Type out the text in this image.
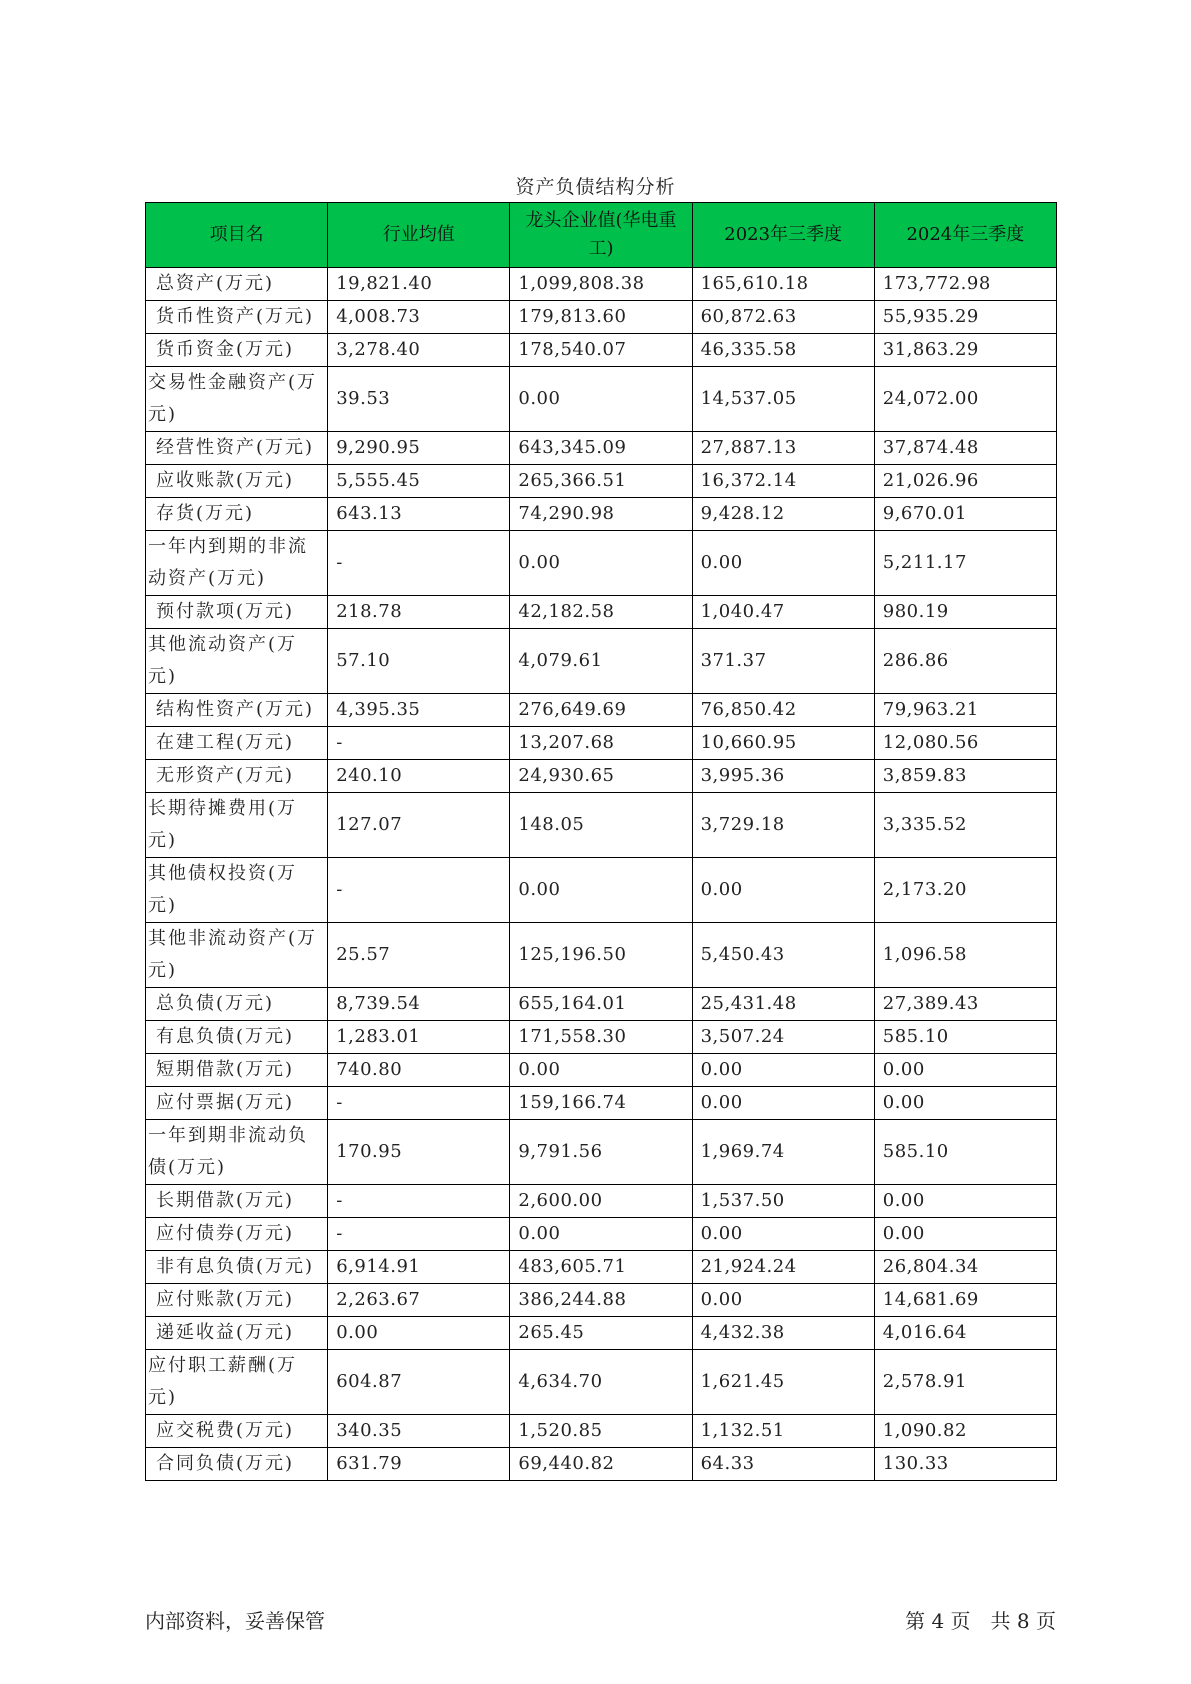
资产负债结构分析
项目名	行业均值	龙头企业值(华电重工)	2023年三季度	2024年三季度
总资产(万元)	19,821.40	1,099,808.38	165,610.18	173,772.98
货币性资产(万元)	4,008.73	179,813.60	60,872.63	55,935.29
货币资金(万元)	3,278.40	178,540.07	46,335.58	31,863.29
交易性金融资产(万元)	39.53	0.00	14,537.05	24,072.00
经营性资产(万元)	9,290.95	643,345.09	27,887.13	37,874.48
应收账款(万元)	5,555.45	265,366.51	16,372.14	21,026.96
存货(万元)	643.13	74,290.98	9,428.12	9,670.01
一年内到期的非流动资产(万元)	-	0.00	0.00	5,211.17
预付款项(万元)	218.78	42,182.58	1,040.47	980.19
其他流动资产(万元)	57.10	4,079.61	371.37	286.86
结构性资产(万元)	4,395.35	276,649.69	76,850.42	79,963.21
在建工程(万元)	-	13,207.68	10,660.95	12,080.56
无形资产(万元)	240.10	24,930.65	3,995.36	3,859.83
长期待摊费用(万元)	127.07	148.05	3,729.18	3,335.52
其他债权投资(万元)	-	0.00	0.00	2,173.20
其他非流动资产(万元)	25.57	125,196.50	5,450.43	1,096.58
总负债(万元)	8,739.54	655,164.01	25,431.48	27,389.43
有息负债(万元)	1,283.01	171,558.30	3,507.24	585.10
短期借款(万元)	740.80	0.00	0.00	0.00
应付票据(万元)	-	159,166.74	0.00	0.00
一年到期非流动负债(万元)	170.95	9,791.56	1,969.74	585.10
长期借款(万元)	-	2,600.00	1,537.50	0.00
应付债券(万元)	-	0.00	0.00	0.00
非有息负债(万元)	6,914.91	483,605.71	21,924.24	26,804.34
应付账款(万元)	2,263.67	386,244.88	0.00	14,681.69
递延收益(万元)	0.00	265.45	4,432.38	4,016.64
应付职工薪酬(万元)	604.87	4,634.70	1,621.45	2,578.91
应交税费(万元)	340.35	1,520.85	1,132.51	1,090.82
合同负债(万元)	631.79	69,440.82	64.33	130.33
内部资料，妥善保管	第 4 页　共 8 页
